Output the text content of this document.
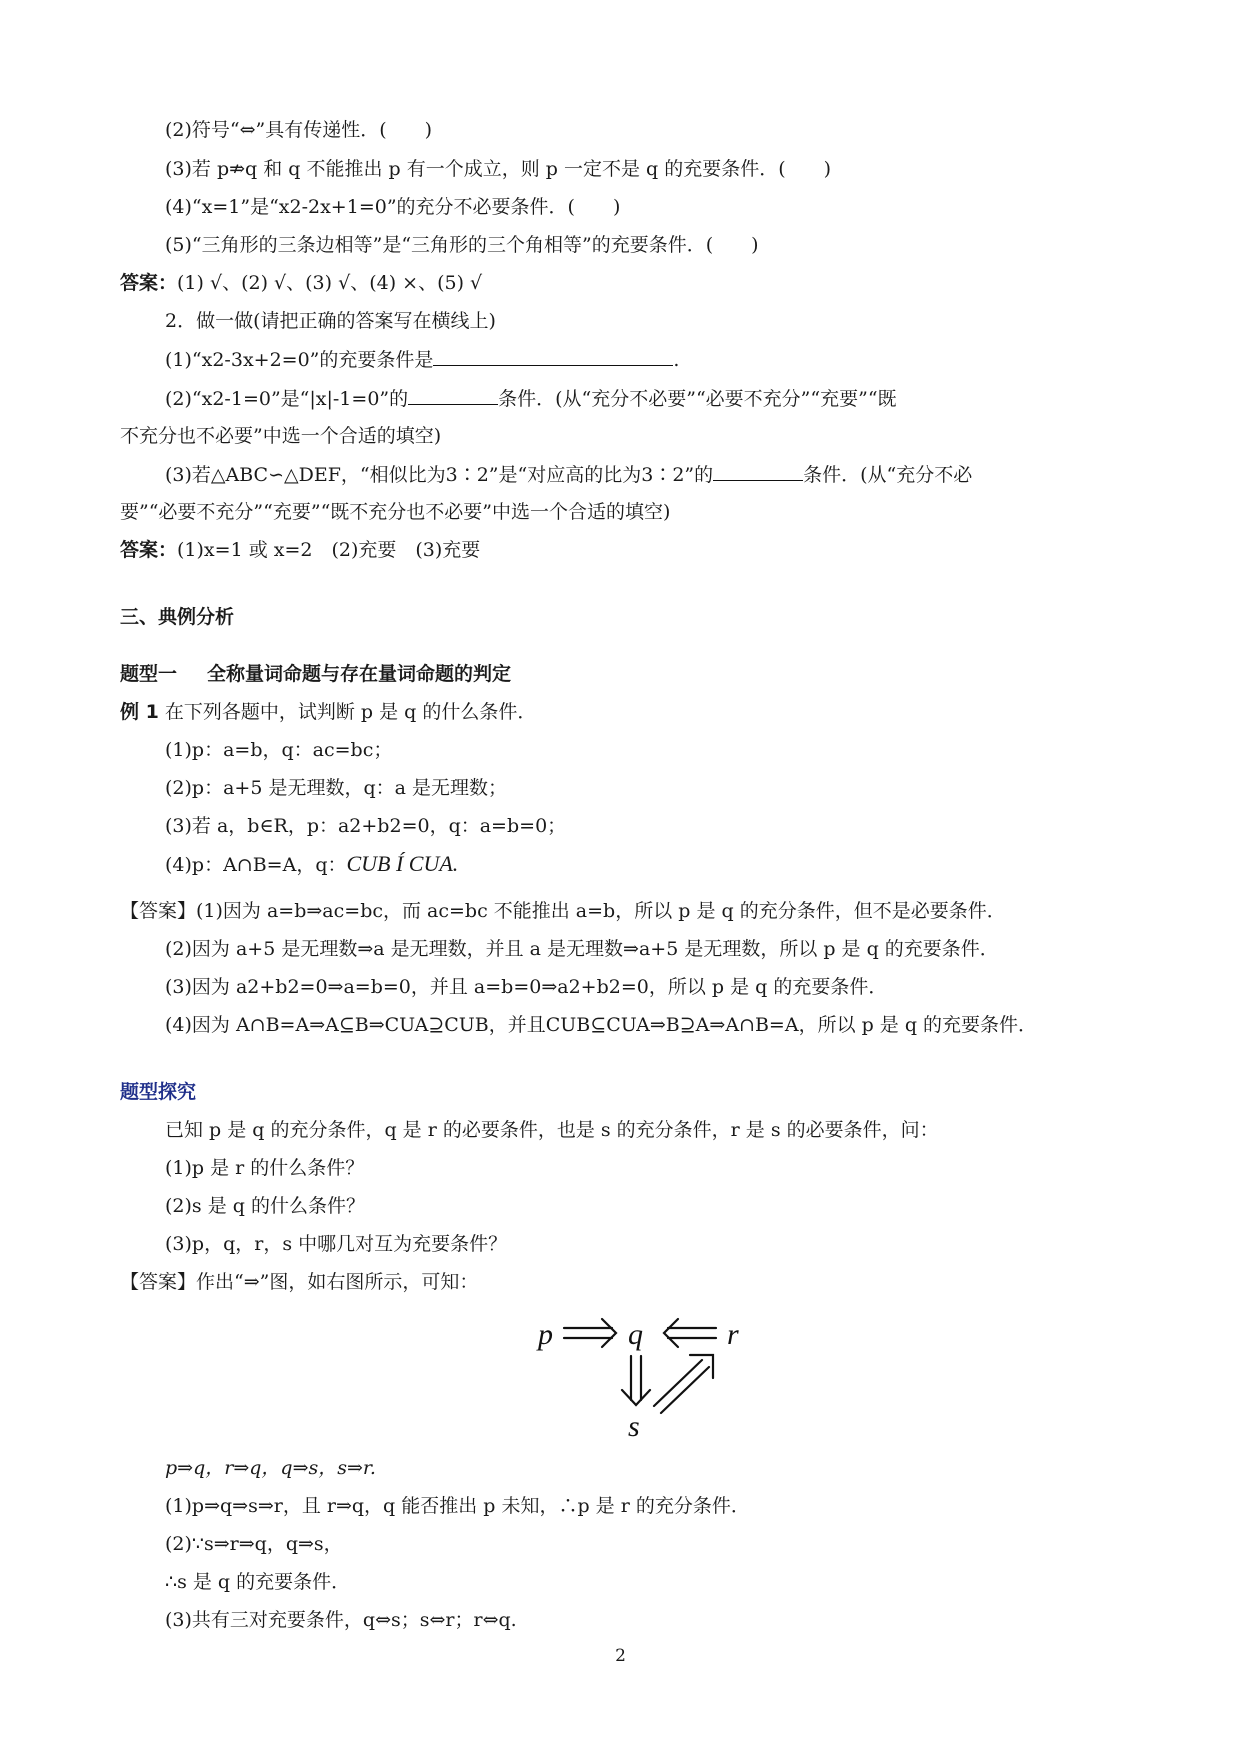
(2)符号“⇔”具有传递性．(　　)
(3)若 p⇏q 和 q 不能推出 p 有一个成立，则 p 一定不是 q 的充要条件．(　　)
(4)“x=1”是“x2-2x+1=0”的充分不必要条件．(　　)
(5)“三角形的三条边相等”是“三角形的三个角相等”的充要条件．(　　)
答案：(1) √、(2) √、(3) √、(4) ×、(5) √
2．做一做(请把正确的答案写在横线上)
(1)“x2-3x+2=0”的充要条件是	.
(2)“x2-1=0”是“|x|-1=0”的	条件．(从“充分不必要”“必要不充分”“充要”“既
不充分也不必要”中选一个合适的填空)
(3)若△ABC∽△DEF，“相似比为3∶2”是“对应高的比为3∶2”的	条件．(从“充分不必
要”“必要不充分”“充要”“既不充分也不必要”中选一个合适的填空)
答案：(1)x=1 或 x=2　(2)充要　(3)充要
三、典例分析
题型一 全称量词命题与存在量词命题的判定
例 1 在下列各题中，试判断 p 是 q 的什么条件．
(1)p：a=b，q：ac=bc；
(2)p：a+5 是无理数，q：a 是无理数；
(3)若 a，b∈R，p：a2+b2=0，q：a=b=0；
(4)p：A∩B=A，q：CUB Í CUA.
【答案】(1)因为 a=b⇒ac=bc，而 ac=bc 不能推出 a=b，所以 p 是 q 的充分条件，但不是必要条件．
(2)因为 a+5 是无理数⇒a 是无理数，并且 a 是无理数⇒a+5 是无理数，所以 p 是 q 的充要条件．
(3)因为 a2+b2=0⇒a=b=0，并且 a=b=0⇒a2+b2=0，所以 p 是 q 的充要条件．
(4)因为 A∩B=A⇒A⊆B⇒CUA⊇CUB，并且CUB⊆CUA⇒B⊇A⇒A∩B=A，所以 p 是 q 的充要条件．
题型探究
已知 p 是 q 的充分条件，q 是 r 的必要条件，也是 s 的充分条件，r 是 s 的必要条件，问：
(1)p 是 r 的什么条件？
(2)s 是 q 的什么条件？
(3)p，q，r，s 中哪几对互为充要条件？
【答案】作出“⇒”图，如右图所示，可知：
p	q	r
s
p⇒q，r⇒q，q⇒s，s⇒r.
(1)p⇒q⇒s⇒r，且 r⇒q，q 能否推出 p 未知，∴p 是 r 的充分条件．
(2)∵s⇒r⇒q，q⇒s，
∴s 是 q 的充要条件．
(3)共有三对充要条件，q⇔s；s⇔r；r⇔q.
2
